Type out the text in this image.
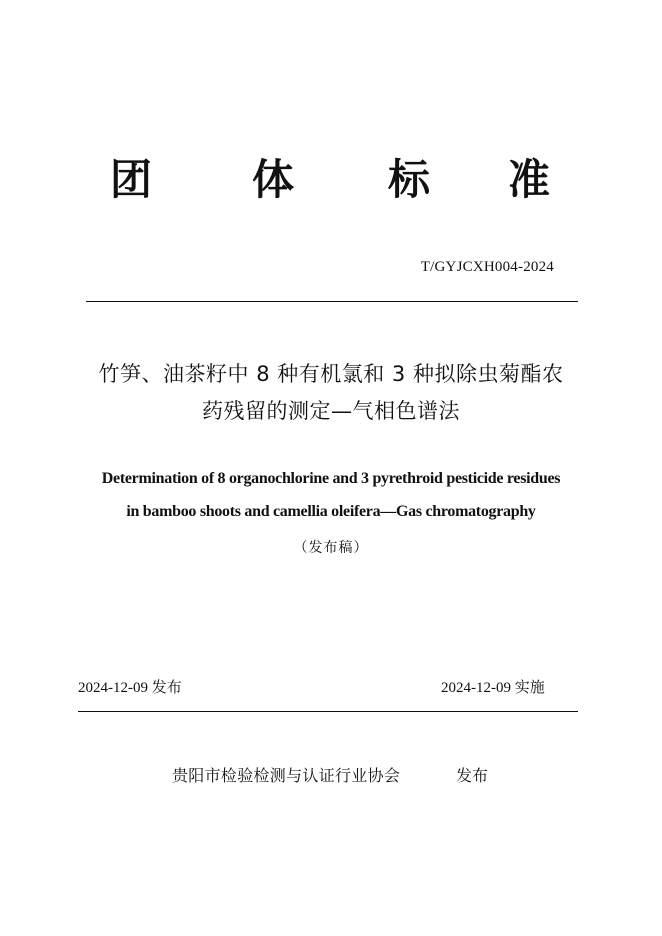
团 体 标 准
T/GYJCXH004-2024
竹笋、油茶籽中 8 种有机氯和 3 种拟除虫菊酯农
药残留的测定—气相色谱法
Determination of 8 organochlorine and 3 pyrethroid pesticide residues
in bamboo shoots and camellia oleifera—Gas chromatography
（发布稿）
2024-12-09 发布	2024-12-09 实施
贵阳市检验检测与认证行业协会	发布
